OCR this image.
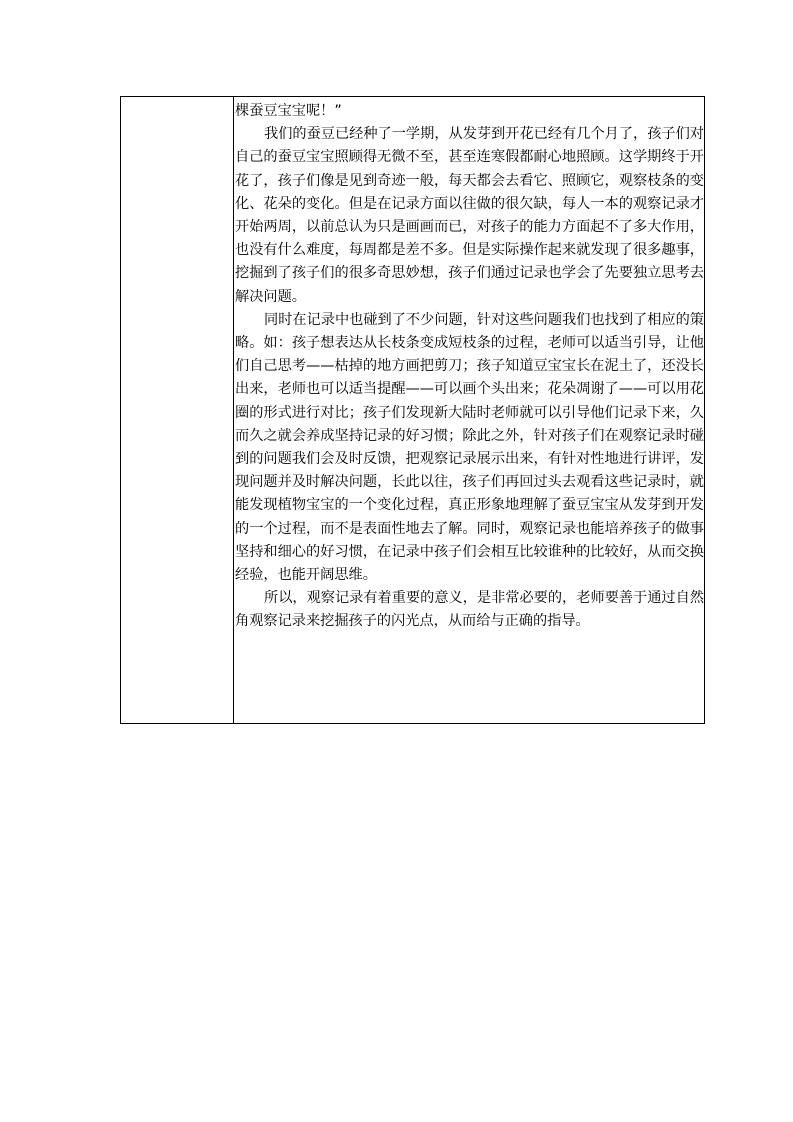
棵蚕豆宝宝呢！”

我们的蚕豆已经种了一学期，从发芽到开花已经有几个月了，孩子们对自己的蚕豆宝宝照顾得无微不至，甚至连寒假都耐心地照顾。这学期终于开花了，孩子们像是见到奇迹一般，每天都会去看它、照顾它，观察枝条的变化、花朵的变化。但是在记录方面以往做的很欠缺，每人一本的观察记录才开始两周，以前总认为只是画画而已，对孩子的能力方面起不了多大作用，也没有什么难度，每周都是差不多。但是实际操作起来就发现了很多趣事，挖掘到了孩子们的很多奇思妙想，孩子们通过记录也学会了先要独立思考去解决问题。

同时在记录中也碰到了不少问题，针对这些问题我们也找到了相应的策略。如：孩子想表达从长枝条变成短枝条的过程，老师可以适当引导，让他们自己思考——枯掉的地方画把剪刀；孩子知道豆宝宝长在泥土了，还没长出来，老师也可以适当提醒——可以画个头出来；花朵凋谢了——可以用花圈的形式进行对比；孩子们发现新大陆时老师就可以引导他们记录下来，久而久之就会养成坚持记录的好习惯；除此之外，针对孩子们在观察记录时碰到的问题我们会及时反馈，把观察记录展示出来，有针对性地进行讲评，发现问题并及时解决问题，长此以往，孩子们再回过头去观看这些记录时，就能发现植物宝宝的一个变化过程，真正形象地理解了蚕豆宝宝从发芽到开发的一个过程，而不是表面性地去了解。同时，观察记录也能培养孩子的做事坚持和细心的好习惯，在记录中孩子们会相互比较谁种的比较好，从而交换经验，也能开阔思维。

所以，观察记录有着重要的意义，是非常必要的，老师要善于通过自然角观察记录来挖掘孩子的闪光点，从而给与正确的指导。
